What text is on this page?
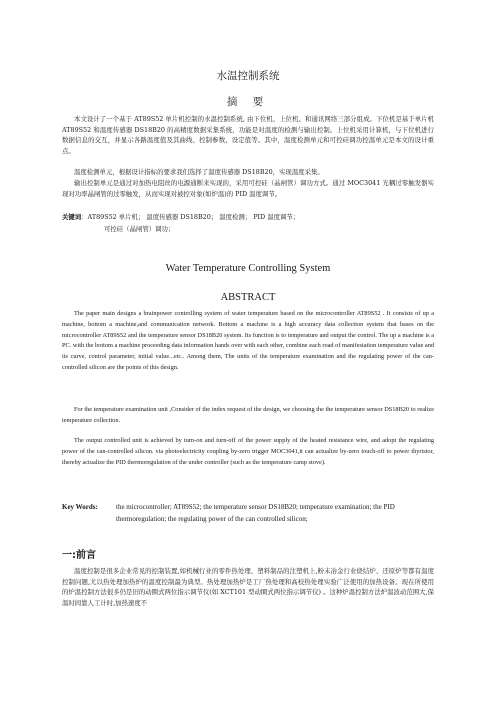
水温控制系统
摘 要

本文设计了一个基于 AT89S52 单片机控制的水温控制系统, 由下位机、上位机、和通讯网络三部分组成。下位机是基于单片机 AT89S52 和温度传感器 DS18B20 的高精度数据采集系统，功能是对温度的检测与输出控制。上位机采用计算机，与下位机进行数据信息的交互，并显示各路温度值及其曲线、控制参数、设定值等。其中，温度检测单元和可控硅调功控温单元是本文的设计重点。

温度检测单元，根据设计指标的要求我们选择了温度传感器 DS18B20，实现温度采集。

输出控制单元是通过对加热电阻丝的电源通断来实现的，采用可控硅（晶闸管）调功方式。通过 MOC3041 光耦过零触发器实现对功率晶闸管的过零触发，从而实现对被控对象(如炉温)的 PID 温度调节。

关键词：AT89S52 单片机； 温度传感器 DS18B20； 温度检测； PID 温度调节；
可控硅（晶闸管）调功；
Water Temperature Controlling System
ABSTRACT

The paper main designs a brainpower controlling system of water temperature based on the microcontroller AT89S52 . It consists of up a machine, bottom a machine,and communication network. Bottom a machine is a high accuracy data collection system that bases on the microcontroller AT89S52 and the temperature sensor DS18B20 system. Its function is to temperature and output the control. The up a machine is a PC. with the bottom a machine proceeding data information hands over with each other, combine each road of manifestation temperature value and its curve, control parameter, initial value...etc.. Among them, The units of the temperature examination and the regulating power of the can-controlled silicon are the points of this design.

For the temperature examination unit ,Consider of the index request of the design, we choosing the the temperature sensor DS18B20 to realize temperature collection.

The output controlled unit is achieved by turn-on and turn-off of the power supply of the heated resistance wire, and adopt the regulating power of the can-controlled silicon. via photoelectricity coupling by-zero trigger MOC3041,it can actualize by-zero touch-off to power thyristor, thereby actualize the PID thermoregulation of the under controller (such as the temperature camp stove).

Key Words:	the microcontroller; AT89S52; the temperature sensor DS18B20; temperature examination; the PID thermoregulation; the regulating power of the can controlled silicon;
一:前言

温度控制是很多企业常见的控制装置,如机械行业的零件热处理、塑料制品的注塑机上,粉末冶金行业烧结炉、还原炉等都有温度控制问题,尤以热处理加热炉的温度控制最为典型。热处理加热炉是工厂热处理和高校热处理实验广泛使用的加热设备。现在所使用的炉温控制方法很多仍是旧的动圈式两位指示调节仪(如 XCT101 型动圈式两位指示调节仪) 。这种炉温控制方法炉温波动范围大,保温时间靠人工计时,加热速度不
